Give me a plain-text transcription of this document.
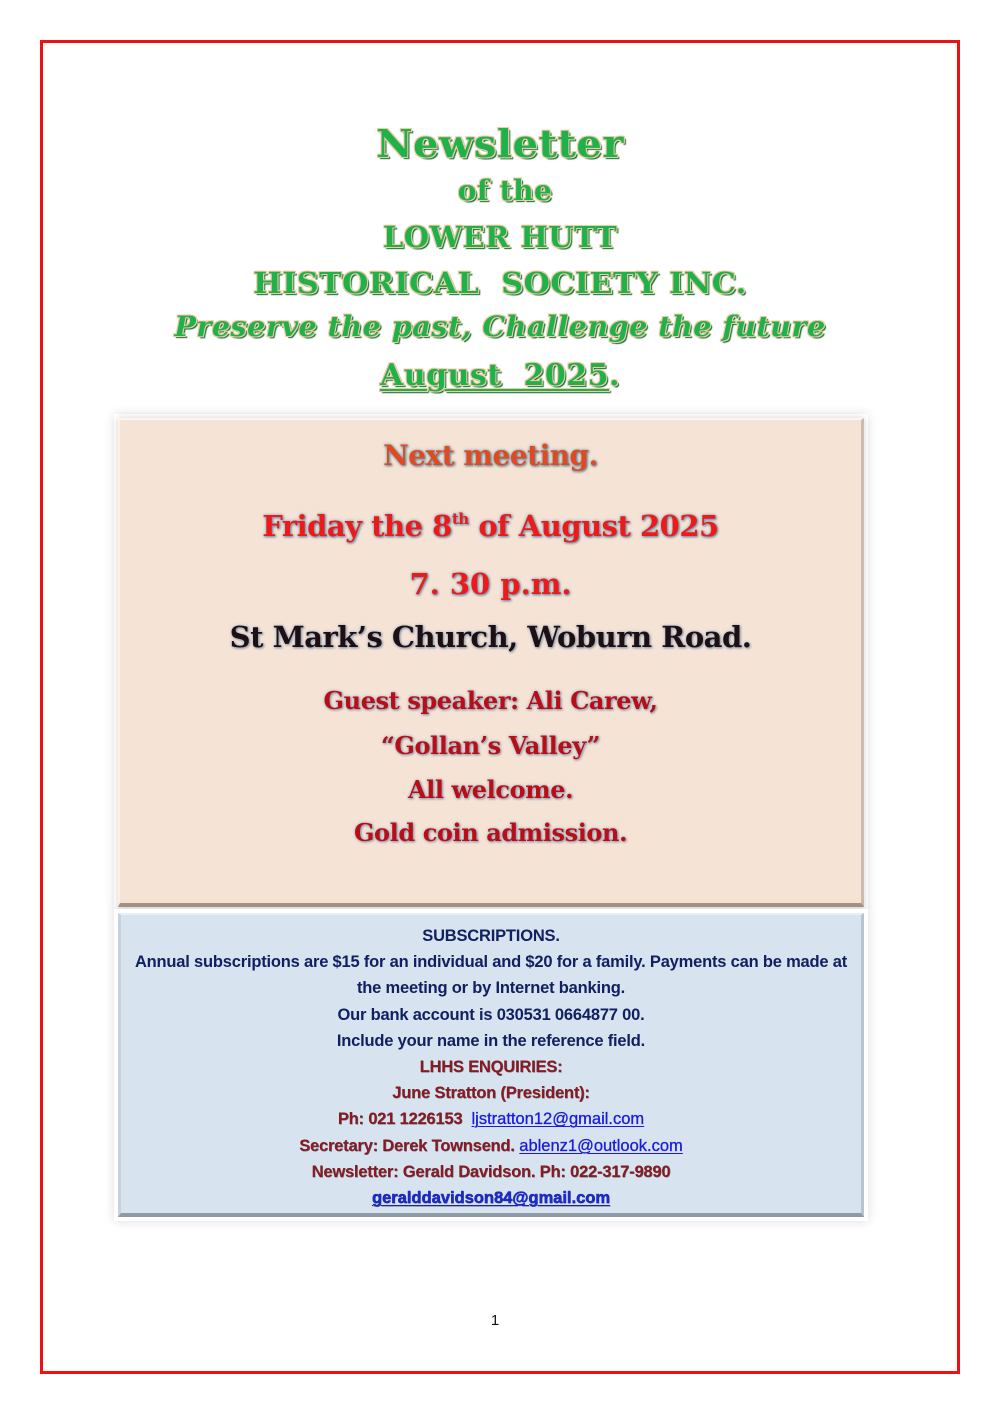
Newsletter
of the
LOWER HUTT
HISTORICAL  SOCIETY INC.
Preserve the past, Challenge the future
August  2025.
Next meeting.
Friday the 8th of August 2025
7. 30 p.m.
St Mark’s Church, Woburn Road.
Guest speaker: Ali Carew,
“Gollan’s Valley”
All welcome.
Gold coin admission.
SUBSCRIPTIONS.
Annual subscriptions are $15 for an individual and $20 for a family. Payments can be made at the meeting or by Internet banking.
Our bank account is 030531 0664877 00.
Include your name in the reference field.
LHHS ENQUIRIES:
June Stratton (President):
Ph: 021 1226153 ljstratton12@gmail.com
Secretary: Derek Townsend. ablenz1@outlook.com
Newsletter: Gerald Davidson. Ph: 022-317-9890
geralddavidson84@gmail.com
1
